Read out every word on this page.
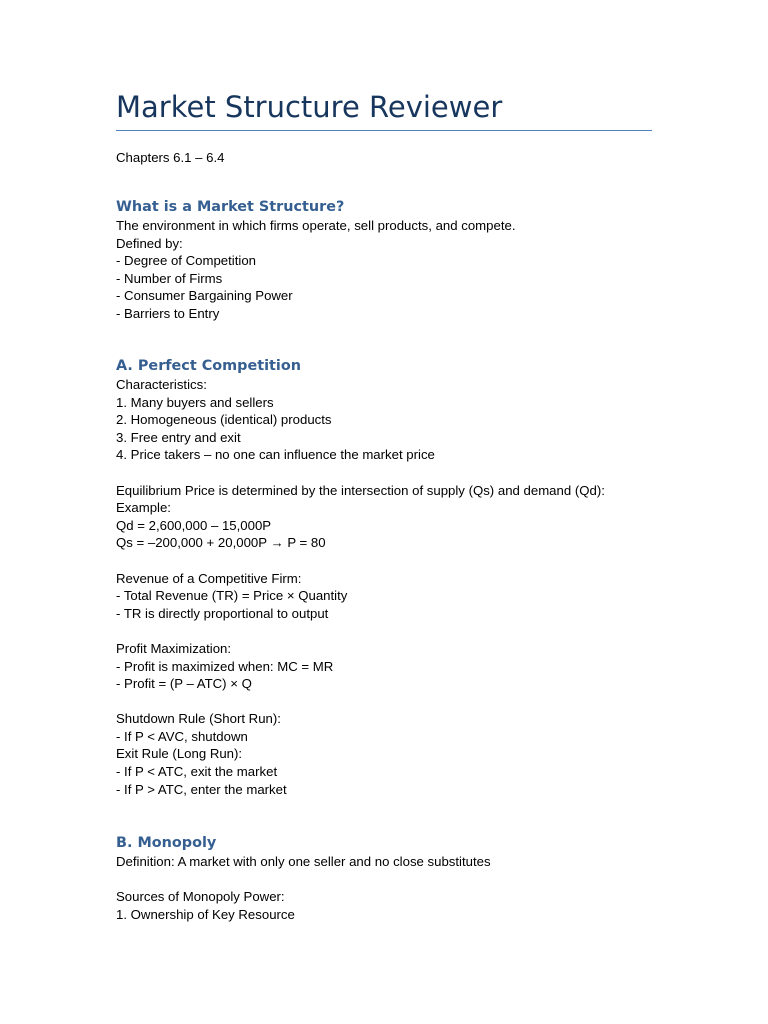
Market Structure Reviewer

Chapters 6.1 – 6.4

What is a Market Structure?
The environment in which firms operate, sell products, and compete.
Defined by:
- Degree of Competition
- Number of Firms
- Consumer Bargaining Power
- Barriers to Entry
A. Perfect Competition
Characteristics:
1. Many buyers and sellers
2. Homogeneous (identical) products
3. Free entry and exit
4. Price takers – no one can influence the market price
Equilibrium Price is determined by the intersection of supply (Qs) and demand (Qd):
Example:
Qd = 2,600,000 – 15,000P
Qs = –200,000 + 20,000P → P = 80
Revenue of a Competitive Firm:
- Total Revenue (TR) = Price × Quantity
- TR is directly proportional to output
Profit Maximization:
- Profit is maximized when: MC = MR
- Profit = (P – ATC) × Q
Shutdown Rule (Short Run):
- If P < AVC, shutdown
Exit Rule (Long Run):
- If P < ATC, exit the market
- If P > ATC, enter the market
B. Monopoly
Definition: A market with only one seller and no close substitutes
Sources of Monopoly Power:
1. Ownership of Key Resource
